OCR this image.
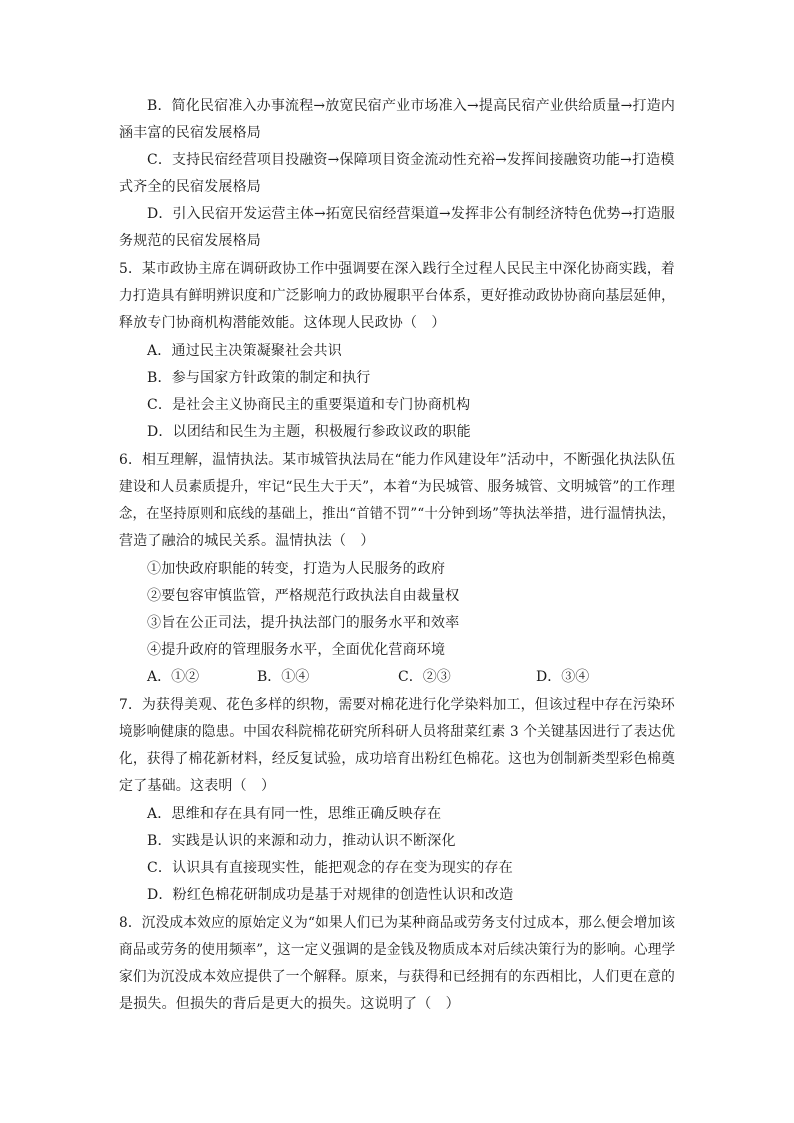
B．简化民宿准入办事流程→放宽民宿产业市场准入→提高民宿产业供给质量→打造内
涵丰富的民宿发展格局
C．支持民宿经营项目投融资→保障项目资金流动性充裕→发挥间接融资功能→打造模
式齐全的民宿发展格局
D．引入民宿开发运营主体→拓宽民宿经营渠道→发挥非公有制经济特色优势→打造服
务规范的民宿发展格局
5．某市政协主席在调研政协工作中强调要在深入践行全过程人民民主中深化协商实践，着
力打造具有鲜明辨识度和广泛影响力的政协履职平台体系，更好推动政协协商向基层延伸，
释放专门协商机构潜能效能。这体现人民政协（　）
A．通过民主决策凝聚社会共识
B．参与国家方针政策的制定和执行
C．是社会主义协商民主的重要渠道和专门协商机构
D．以团结和民生为主题，积极履行参政议政的职能
6．相互理解，温情执法。某市城管执法局在“能力作风建设年”活动中，不断强化执法队伍
建设和人员素质提升，牢记“民生大于天”，本着“为民城管、服务城管、文明城管”的工作理
念，在坚持原则和底线的基础上，推出“首错不罚”“十分钟到场”等执法举措，进行温情执法，
营造了融洽的城民关系。温情执法（　）
①加快政府职能的转变，打造为人民服务的政府
②要包容审慎监管，严格规范行政执法自由裁量权
③旨在公正司法，提升执法部门的服务水平和效率
④提升政府的管理服务水平，全面优化营商环境
A．①②	B．①④	C．②③	D．③④
7．为获得美观、花色多样的织物，需要对棉花进行化学染料加工，但该过程中存在污染环
境影响健康的隐患。中国农科院棉花研究所科研人员将甜菜红素 3 个关键基因进行了表达优
化，获得了棉花新材料，经反复试验，成功培育出粉红色棉花。这也为创制新类型彩色棉奠
定了基础。这表明（　）
A．思维和存在具有同一性，思维正确反映存在
B．实践是认识的来源和动力，推动认识不断深化
C．认识具有直接现实性，能把观念的存在变为现实的存在
D．粉红色棉花研制成功是基于对规律的创造性认识和改造
8．沉没成本效应的原始定义为“如果人们已为某种商品或劳务支付过成本，那么便会增加该
商品或劳务的使用频率”，这一定义强调的是金钱及物质成本对后续决策行为的影响。心理学
家们为沉没成本效应提供了一个解释。原来，与获得和已经拥有的东西相比，人们更在意的
是损失。但损失的背后是更大的损失。这说明了（　）
